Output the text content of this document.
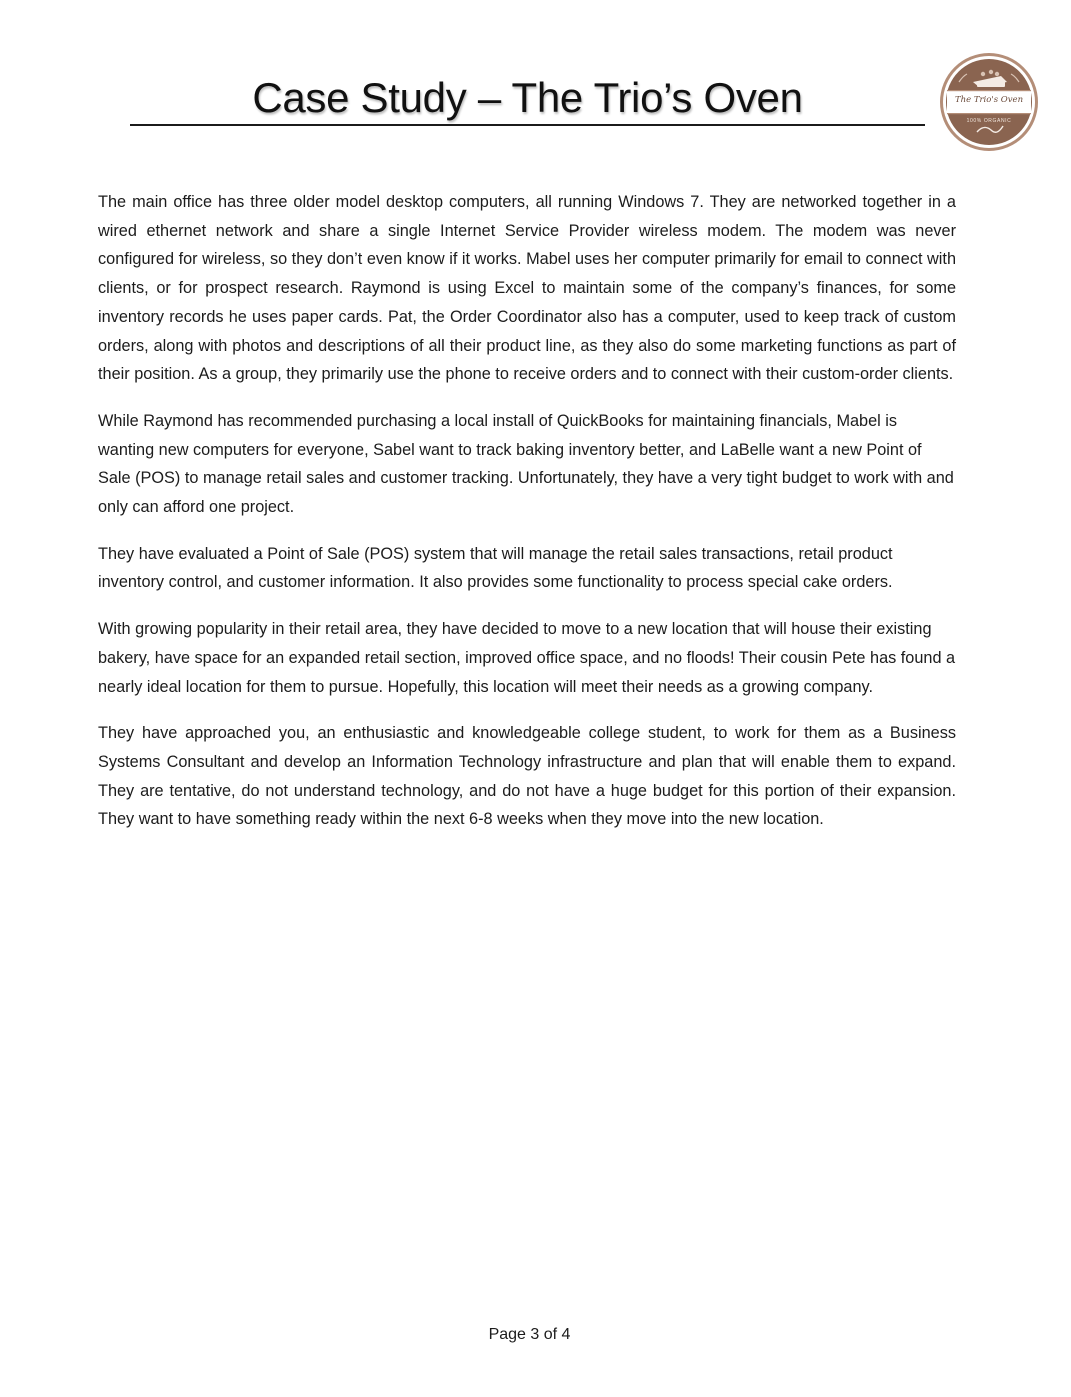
Case Study – The Trio’s Oven	The Trio's Oven
100% ORGANIC

The main office has three older model desktop computers, all running Windows 7. They are networked together in a wired ethernet network and share a single Internet Service Provider wireless modem. The modem was never configured for wireless, so they don’t even know if it works. Mabel uses her computer primarily for email to connect with clients, or for prospect research. Raymond is using Excel to maintain some of the company’s finances, for some inventory records he uses paper cards. Pat, the Order Coordinator also has a computer, used to keep track of custom orders, along with photos and descriptions of all their product line, as they also do some marketing functions as part of their position. As a group, they primarily use the phone to receive orders and to connect with their custom-order clients.

While Raymond has recommended purchasing a local install of QuickBooks for maintaining financials, Mabel is wanting new computers for everyone, Sabel want to track baking inventory better, and LaBelle want a new Point of Sale (POS) to manage retail sales and customer tracking. Unfortunately, they have a very tight budget to work with and only can afford one project.

They have evaluated a Point of Sale (POS) system that will manage the retail sales transactions, retail product inventory control, and customer information. It also provides some functionality to process special cake orders.

With growing popularity in their retail area, they have decided to move to a new location that will house their existing bakery, have space for an expanded retail section, improved office space, and no floods! Their cousin Pete has found a nearly ideal location for them to pursue. Hopefully, this location will meet their needs as a growing company.

They have approached you, an enthusiastic and knowledgeable college student, to work for them as a Business Systems Consultant and develop an Information Technology infrastructure and plan that will enable them to expand. They are tentative, do not understand technology, and do not have a huge budget for this portion of their expansion. They want to have something ready within the next 6-8 weeks when they move into the new location.

Page 3 of 4
